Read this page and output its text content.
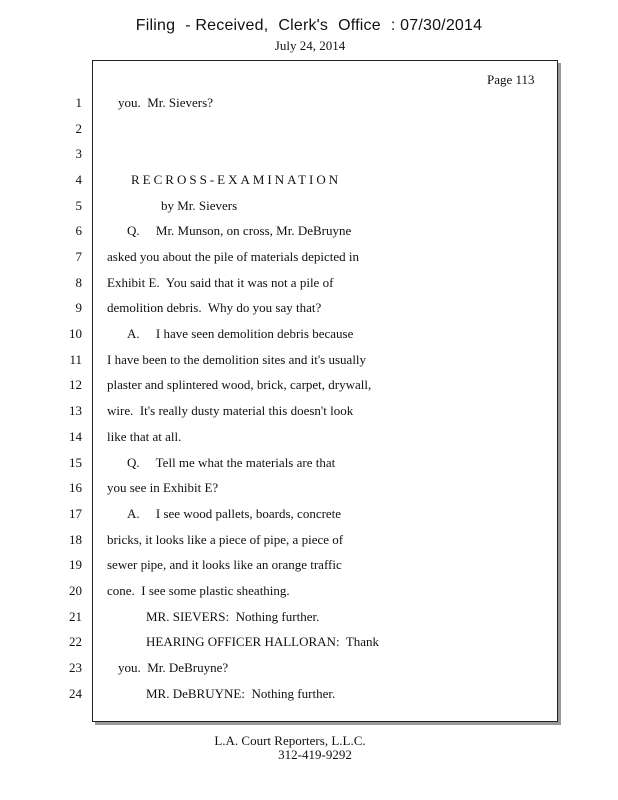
Filing - Received, Clerk's Office : 07/30/2014
July 24, 2014
Page 113
1
2
3
4
5
6
7
8
9
10
11
12
13
14
15
16
17
18
19
20
21
22
23
24
you.  Mr. Sievers?
RECROSS-EXAMINATION
by Mr. Sievers
Q.     Mr. Munson, on cross, Mr. DeBruyne
asked you about the pile of materials depicted in
Exhibit E.  You said that it was not a pile of
demolition debris.  Why do you say that?
A.     I have seen demolition debris because
I have been to the demolition sites and it's usually
plaster and splintered wood, brick, carpet, drywall,
wire.  It's really dusty material this doesn't look
like that at all.
Q.     Tell me what the materials are that
you see in Exhibit E?
A.     I see wood pallets, boards, concrete
bricks, it looks like a piece of pipe, a piece of
sewer pipe, and it looks like an orange traffic
cone.  I see some plastic sheathing.
MR. SIEVERS:  Nothing further.
HEARING OFFICER HALLORAN:  Thank
you.  Mr. DeBruyne?
MR. DeBRUYNE:  Nothing further.
L.A. Court Reporters, L.L.C.
312-419-9292
